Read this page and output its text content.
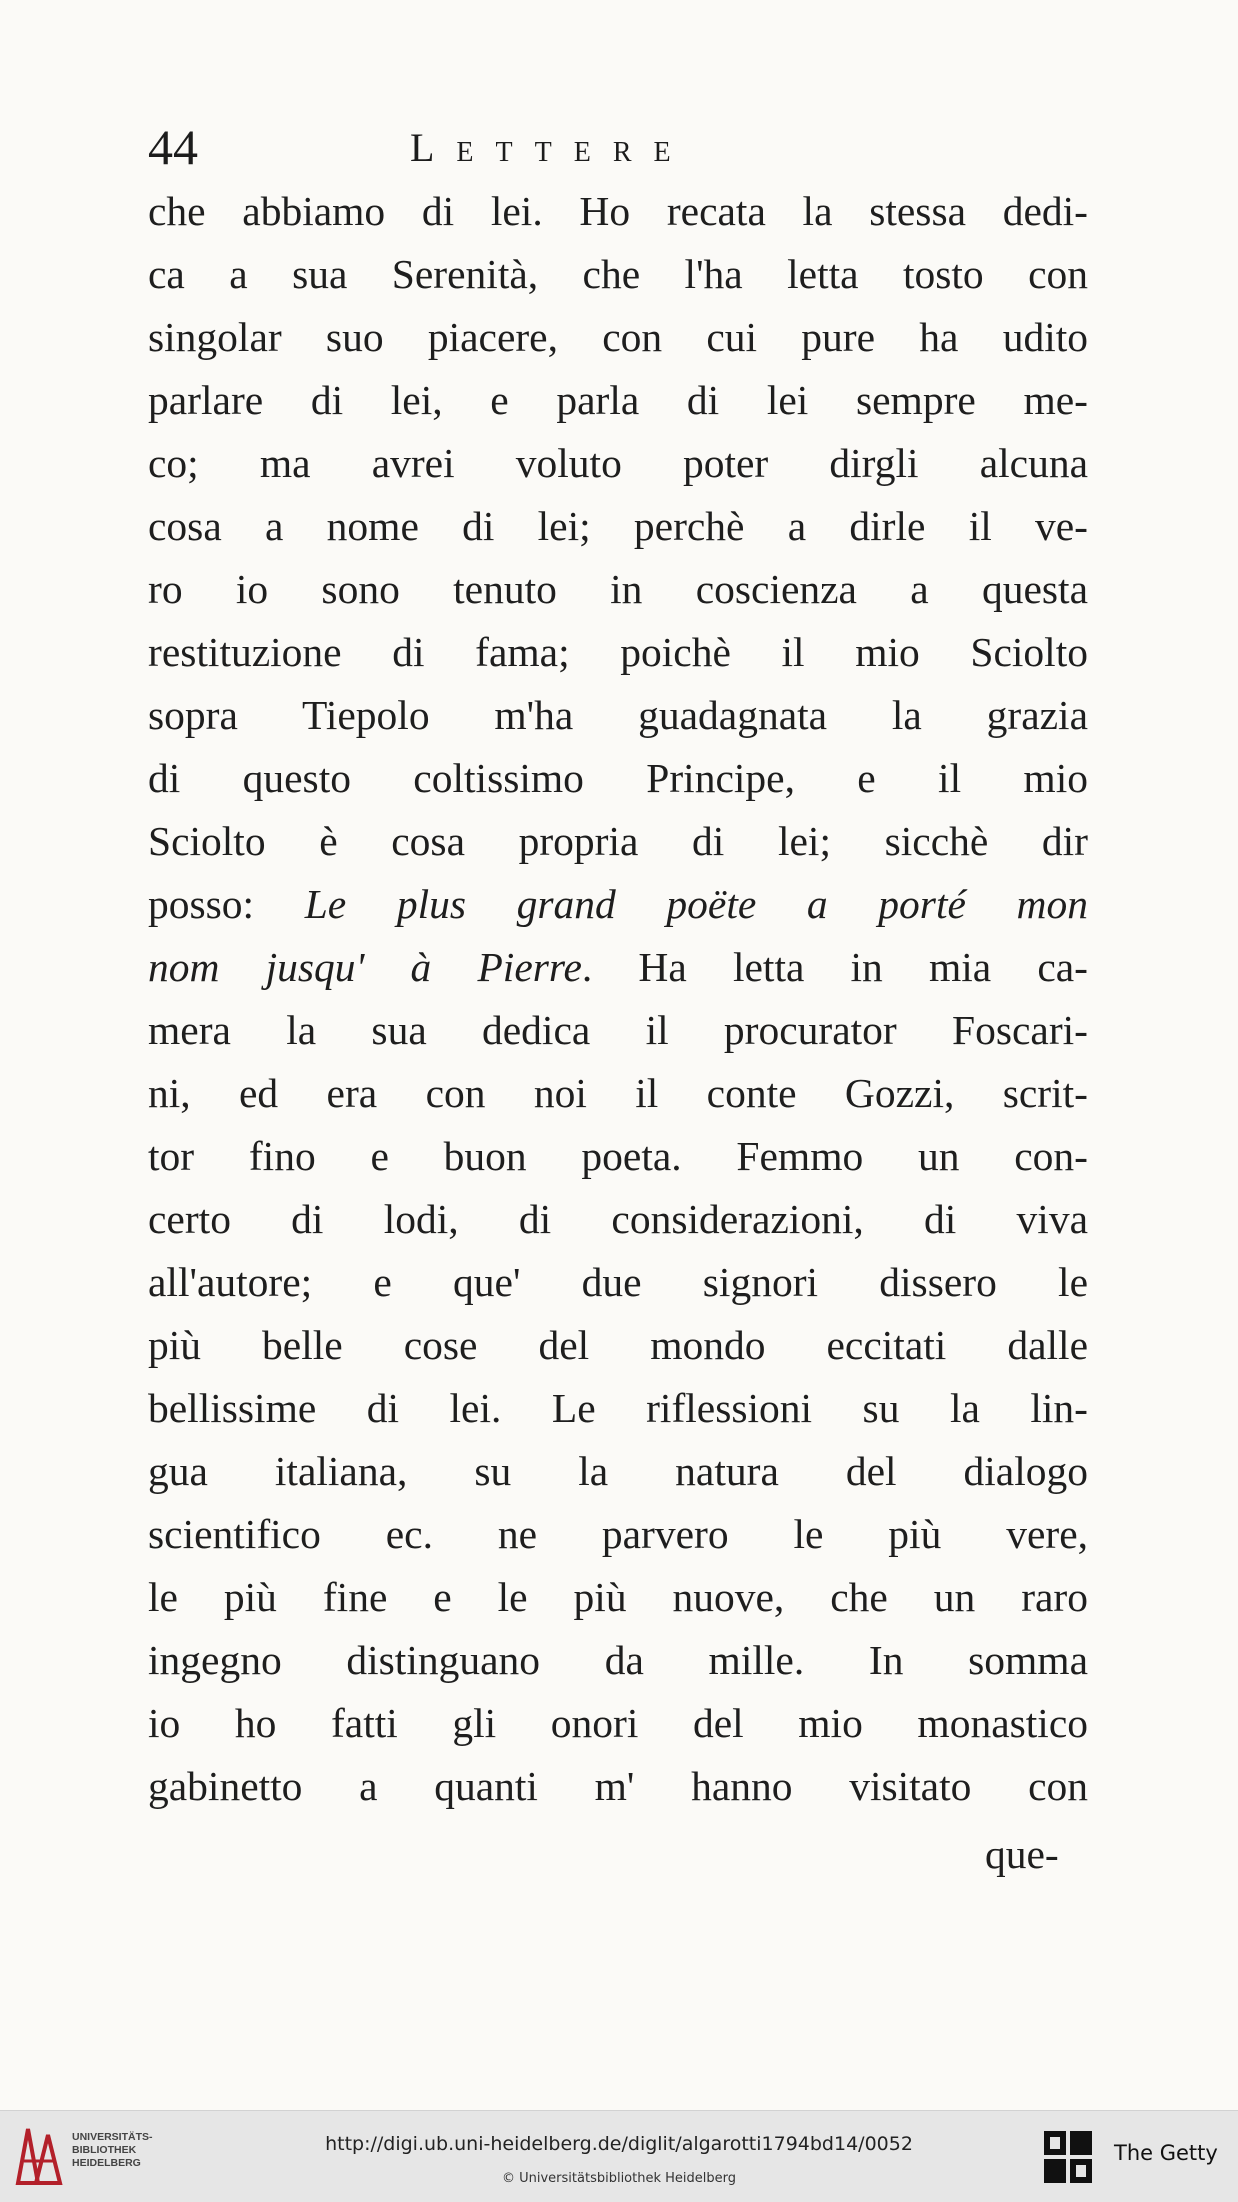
44	Lettere
che abbiamo di lei. Ho recata la stessa dedi-
ca a sua Serenità, che l'ha letta tosto con
singolar suo piacere, con cui pure ha udito
parlare di lei, e parla di lei sempre me-
co; ma avrei voluto poter dirgli alcuna
cosa a nome di lei; perchè a dirle il ve-
ro io sono tenuto in coscienza a questa
restituzione di fama; poichè il mio Sciolto
sopra Tiepolo m'ha guadagnata la grazia
di questo coltissimo Principe, e il mio
Sciolto è cosa propria di lei; sicchè dir
posso: Le plus grand poëte a porté mon
nom jusqu' à Pierre. Ha letta in mia ca-
mera la sua dedica il procurator Foscari-
ni, ed era con noi il conte Gozzi, scrit-
tor fino e buon poeta. Femmo un con-
certo di lodi, di considerazioni, di viva
all'autore; e que' due signori dissero le
più belle cose del mondo eccitati dalle
bellissime di lei. Le riflessioni su la lin-
gua italiana, su la natura del dialogo
scientifico ec. ne parvero le più vere,
le più fine e le più nuove, che un raro
ingegno distinguano da mille. In somma
io ho fatti gli onori del mio monastico
gabinetto a quanti m' hanno visitato con
que-
UNIVERSITÄTS-
BIBLIOTHEK
HEIDELBERG
http://digi.ub.uni-heidelberg.de/diglit/algarotti1794bd14/0052
© Universitätsbibliothek Heidelberg
The Getty
